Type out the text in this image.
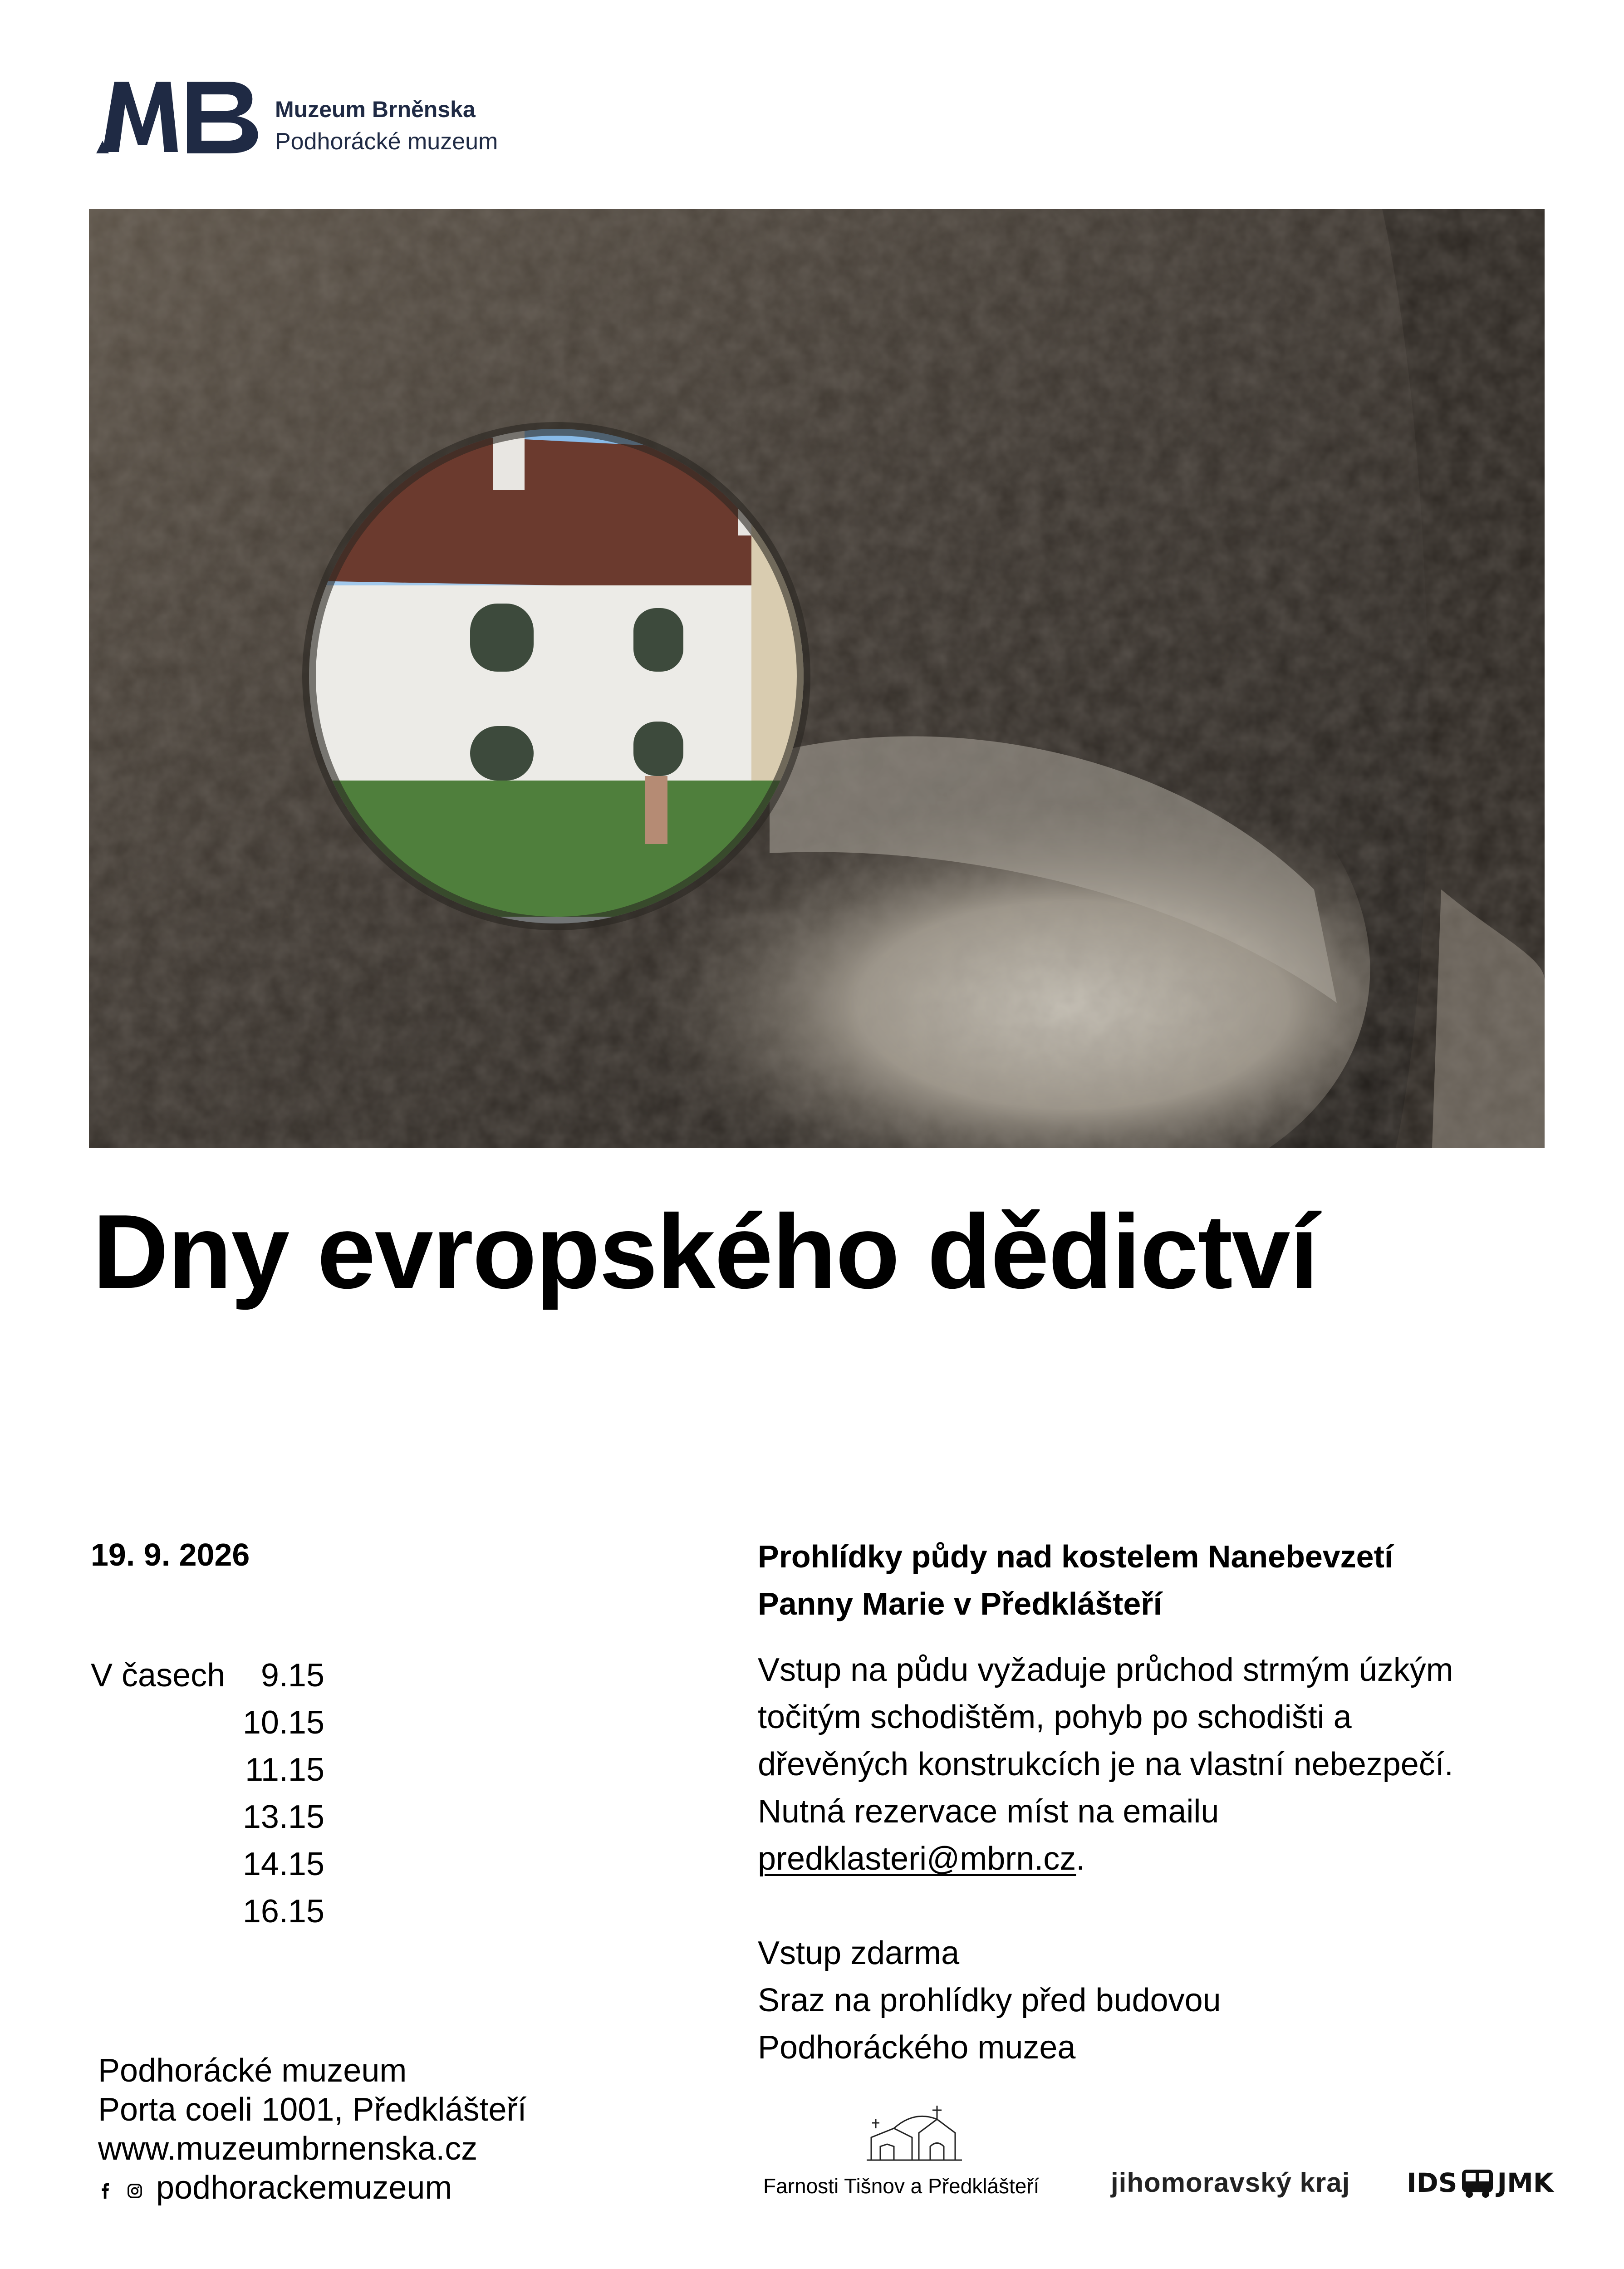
Muzeum Brněnska
Podhorácké muzeum
Dny evropského dědictví
19. 9. 2026
V časech	9.15
10.15
11.15
13.15
14.15
16.15
Podhorácké muzeum
Porta coeli 1001, Předklášteří
www.muzeumbrnenska.cz
podhorackemuzeum
Prohlídky půdy nad kostelem Nanebevzetí
Panny Marie v Předklášteří
Vstup na půdu vyžaduje průchod strmým úzkým
točitým schodištěm, pohyb po schodišti a
dřevěných konstrukcích je na vlastní nebezpečí.
Nutná rezervace míst na emailu
predklasteri@mbrn.cz.
Vstup zdarma
Sraz na prohlídky před budovou
Podhoráckého muzea
Farnosti Tišnov a Předklášteří	jihomoravský kraj IDS JMK
